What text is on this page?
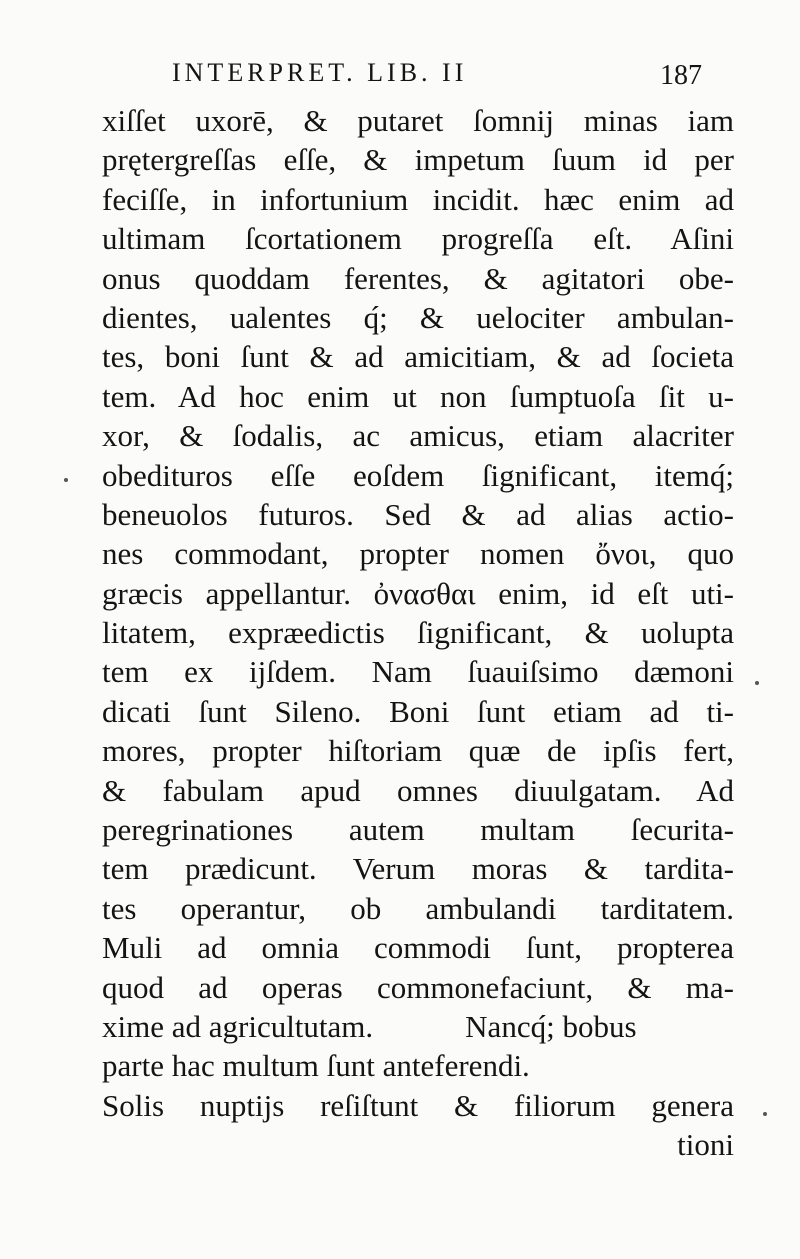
INTERPRET. LIB. II	187
xiſſet uxorē, & putaret ſomnij minas iam
prętergreſſas eſſe, & impetum ſuum id per
feciſſe, in infortunium incidit. hæc enim ad
ultimam ſcortationem progreſſa eſt. Aſini
onus quoddam ferentes, & agitatori obe-
dientes, ualentes q́; & uelociter ambulan-
tes, boni ſunt & ad amicitiam, & ad ſocieta
tem. Ad hoc enim ut non ſumptuoſa ſit u-
xor, & ſodalis, ac amicus, etiam alacriter
obedituros eſſe eoſdem ſignificant, itemq́;
beneuolos futuros. Sed & ad alias actio-
nes commodant, propter nomen ὄνοι, quo
græcis appellantur. ὀνασθαι enim, id eſt uti-
litatem, expræedictis ſignificant, & uolupta
tem ex ijſdem. Nam ſuauiſsimo dæmoni
dicati ſunt Sileno. Boni ſunt etiam ad ti-
mores, propter hiſtoriam quæ de ipſis fert,
& fabulam apud omnes diuulgatam. Ad
peregrinationes autem multam ſecurita-
tem prædicunt. Verum moras & tardita-
tes operantur, ob ambulandi tarditatem.
Muli ad omnia commodi ſunt, propterea
quod ad operas commonefaciunt, & ma-
xime ad agricultutam.	Nancq́; bobus
parte hac multum ſunt anteferendi.
Solis nuptijs reſiſtunt & filiorum genera
tioni
